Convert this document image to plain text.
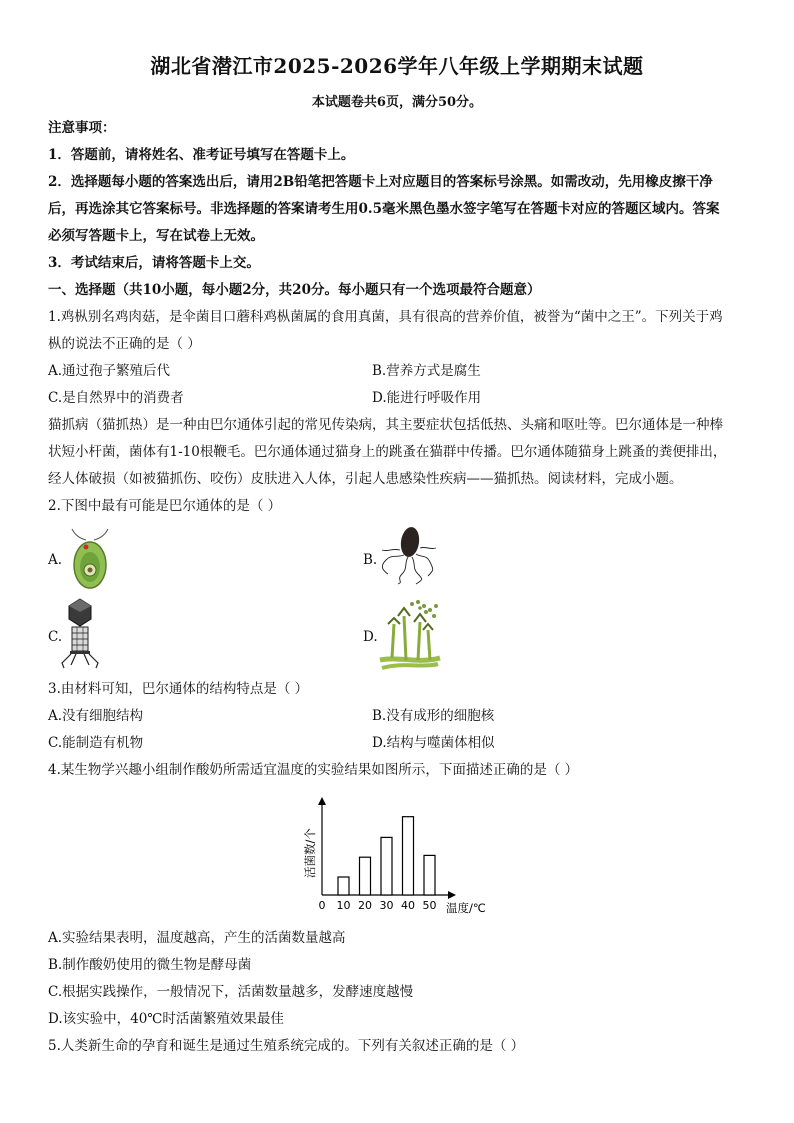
湖北省潜江市2025-2026学年八年级上学期期末试题
本试题卷共6页，满分50分。
注意事项：
1．答题前，请将姓名、准考证号填写在答题卡上。
2．选择题每小题的答案选出后，请用2B铅笔把答题卡上对应题目的答案标号涂黑。如需改动，先用橡皮擦干净
后，再选涂其它答案标号。非选择题的答案请考生用0.5毫米黑色墨水签字笔写在答题卡对应的答题区域内。答案
必须写答题卡上，写在试卷上无效。
3．考试结束后，请将答题卡上交。
一、选择题（共10小题，每小题2分，共20分。每小题只有一个选项最符合题意）
1.鸡枞别名鸡肉菇，是伞菌目口蘑科鸡枞菌属的食用真菌，具有很高的营养价值，被誉为“菌中之王”。下列关于鸡
枞的说法不正确的是（ ）
A.通过孢子繁殖后代	B.营养方式是腐生
C.是自然界中的消费者	D.能进行呼吸作用
猫抓病（猫抓热）是一种由巴尔通体引起的常见传染病，其主要症状包括低热、头痛和呕吐等。巴尔通体是一种棒
状短小杆菌，菌体有1-10根鞭毛。巴尔通体通过猫身上的跳蚤在猫群中传播。巴尔通体随猫身上跳蚤的粪便排出，
经人体破损（如被猫抓伤、咬伤）皮肤进入人体，引起人患感染性疾病——猫抓热。阅读材料，完成小题。
2.下图中最有可能是巴尔通体的是（ ）
A.	B.
C.	D.
3.由材料可知，巴尔通体的结构特点是（ ）
A.没有细胞结构	B.没有成形的细胞核
C.能制造有机物	D.结构与噬菌体相似
4.某生物学兴趣小组制作酸奶所需适宜温度的实验结果如图所示，下面描述正确的是（ ）
10 20 30 40 50
0	温度/℃
活菌数/个
A.实验结果表明，温度越高，产生的活菌数量越高
B.制作酸奶使用的微生物是酵母菌
C.根据实践操作，一般情况下，活菌数量越多，发酵速度越慢
D.该实验中，40℃时活菌繁殖效果最佳
5.人类新生命的孕育和诞生是通过生殖系统完成的。下列有关叙述正确的是（ ）
